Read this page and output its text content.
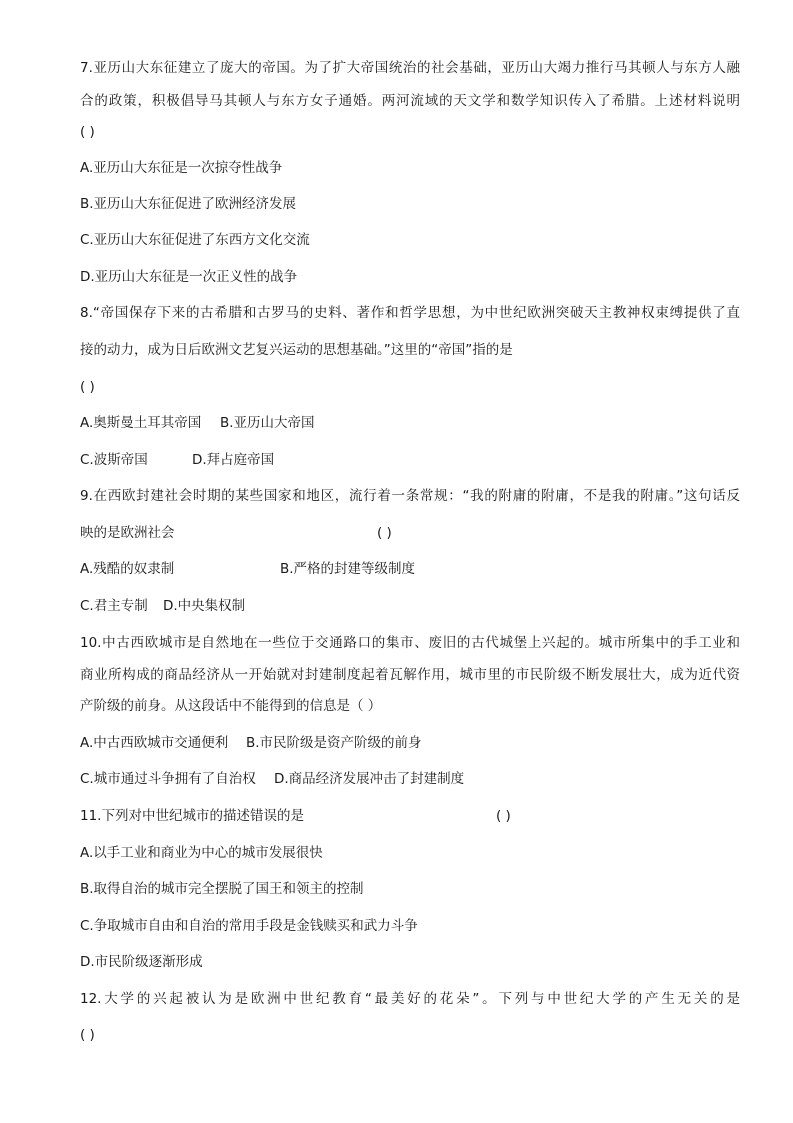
7.亚历山大东征建立了庞大的帝国。为了扩大帝国统治的社会基础，亚历山大竭力推行马其顿人与东方人融

合的政策，积极倡导马其顿人与东方女子通婚。两河流域的天文学和数学知识传入了希腊。上述材料说明

( )

A.亚历山大东征是一次掠夺性战争

B.亚历山大东征促进了欧洲经济发展

C.亚历山大东征促进了东西方文化交流

D.亚历山大东征是一次正义性的战争

8.“帝国保存下来的古希腊和古罗马的史料、著作和哲学思想，为中世纪欧洲突破天主教神权束缚提供了直

接的动力，成为日后欧洲文艺复兴运动的思想基础。”这里的“帝国”指的是

( )

A.奥斯曼土耳其帝国 B.亚历山大帝国

C.波斯帝国	D.拜占庭帝国

9.在西欧封建社会时期的某些国家和地区，流行着一条常规：“我的附庸的附庸，不是我的附庸。”这句话反

映的是欧洲社会	( )

A.残酷的奴隶制	B.严格的封建等级制度

C.君主专制 D.中央集权制

10.中古西欧城市是自然地在一些位于交通路口的集市、废旧的古代城堡上兴起的。城市所集中的手工业和

商业所构成的商品经济从一开始就对封建制度起着瓦解作用，城市里的市民阶级不断发展壮大，成为近代资

产阶级的前身。从这段话中不能得到的信息是（ ）

A.中古西欧城市交通便利 B.市民阶级是资产阶级的前身

C.城市通过斗争拥有了自治权 D.商品经济发展冲击了封建制度

11.下列对中世纪城市的描述错误的是	( )

A.以手工业和商业为中心的城市发展很快

B.取得自治的城市完全摆脱了国王和领主的控制

C.争取城市自由和自治的常用手段是金钱赎买和武力斗争

D.市民阶级逐渐形成

12.大学的兴起被认为是欧洲中世纪教育“最美好的花朵”。下列与中世纪大学的产生无关的是

( )
